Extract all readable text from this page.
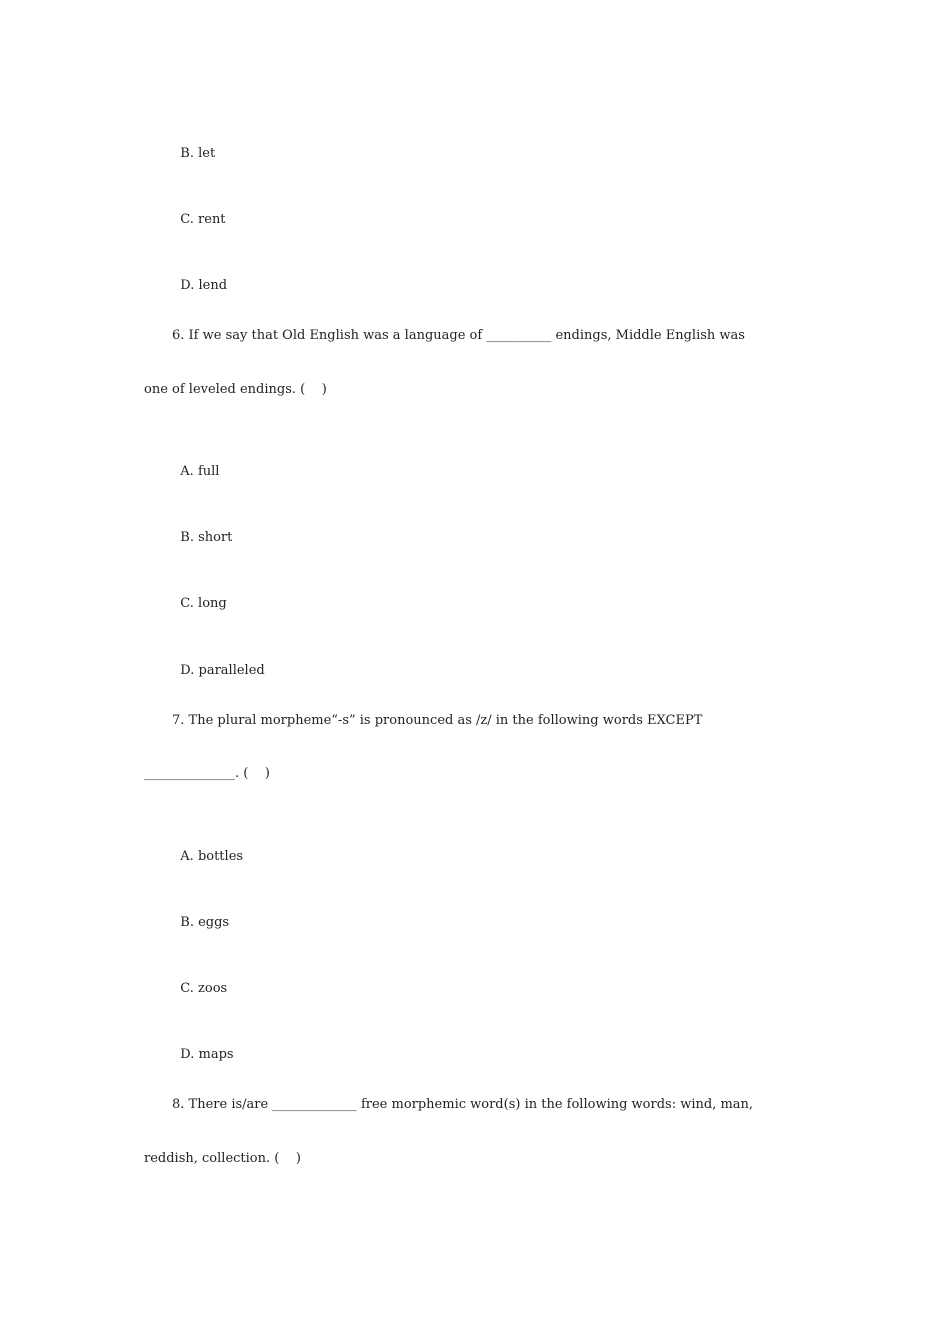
B. let

C. rent

D. lend

6. If we say that Old English was a language of __________ endings, Middle English was
one of leveled endings. (    )

A. full

B. short

C. long

D. paralleled

7. The plural morpheme“-s” is pronounced as /z/ in the following words EXCEPT
______________. (    )

A. bottles

B. eggs

C. zoos

D. maps

8. There is/are _____________ free morphemic word(s) in the following words: wind, man,
reddish, collection. (    )
